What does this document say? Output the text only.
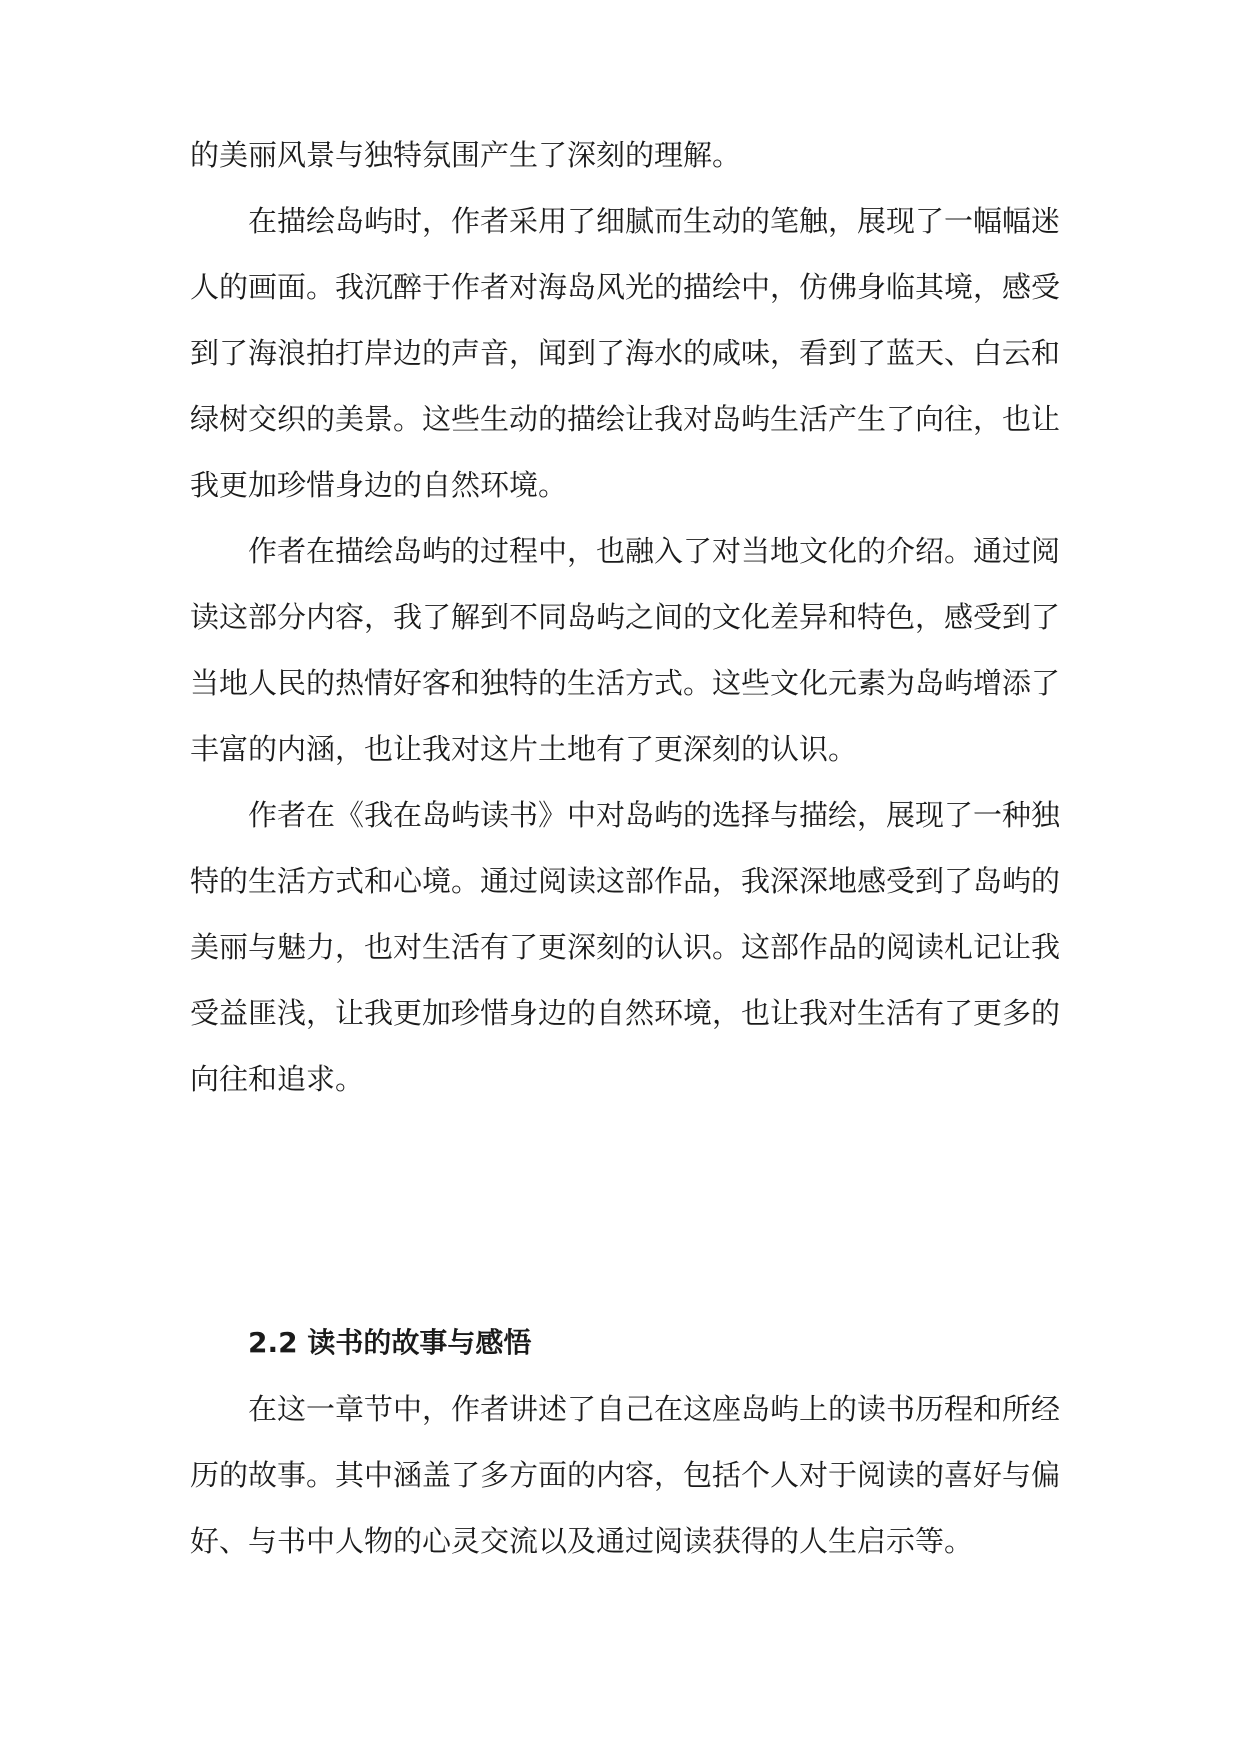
的美丽风景与独特氛围产生了深刻的理解。
在描绘岛屿时，作者采用了细腻而生动的笔触，展现了一幅幅迷
人的画面。我沉醉于作者对海岛风光的描绘中，仿佛身临其境，感受
到了海浪拍打岸边的声音，闻到了海水的咸味，看到了蓝天、白云和
绿树交织的美景。这些生动的描绘让我对岛屿生活产生了向往，也让
我更加珍惜身边的自然环境。
作者在描绘岛屿的过程中，也融入了对当地文化的介绍。通过阅
读这部分内容，我了解到不同岛屿之间的文化差异和特色，感受到了
当地人民的热情好客和独特的生活方式。这些文化元素为岛屿增添了
丰富的内涵，也让我对这片土地有了更深刻的认识。
作者在《我在岛屿读书》中对岛屿的选择与描绘，展现了一种独
特的生活方式和心境。通过阅读这部作品，我深深地感受到了岛屿的
美丽与魅力，也对生活有了更深刻的认识。这部作品的阅读札记让我
受益匪浅，让我更加珍惜身边的自然环境，也让我对生活有了更多的
向往和追求。
2.2 读书的故事与感悟
在这一章节中，作者讲述了自己在这座岛屿上的读书历程和所经
历的故事。其中涵盖了多方面的内容，包括个人对于阅读的喜好与偏
好、与书中人物的心灵交流以及通过阅读获得的人生启示等。
